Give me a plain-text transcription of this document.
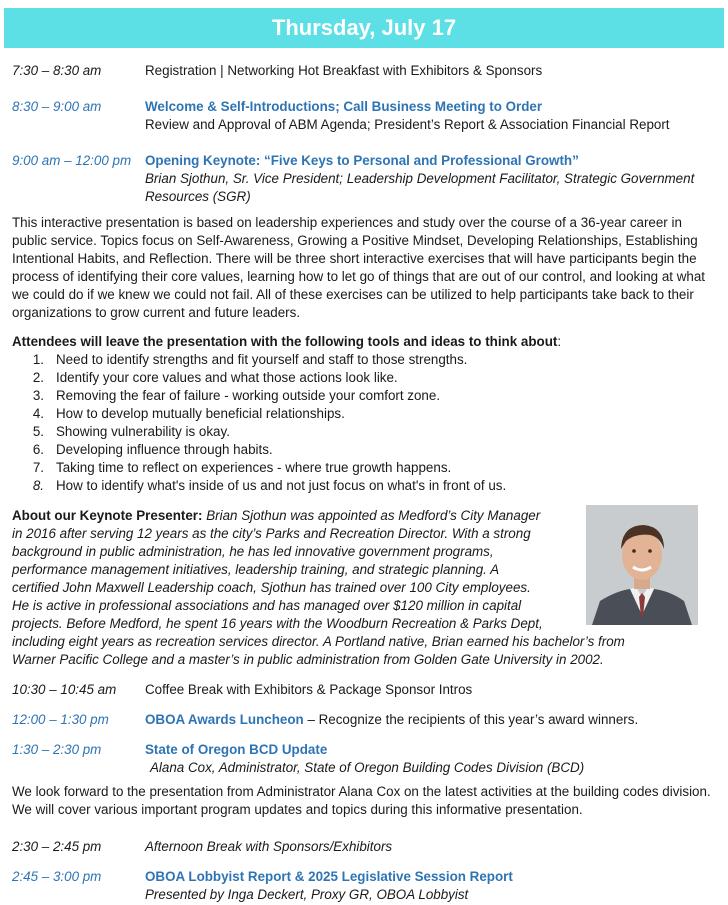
Thursday, July 17
7:30 – 8:30 am	Registration | Networking Hot Breakfast with Exhibitors & Sponsors
8:30 – 9:00 am	Welcome & Self-Introductions; Call Business Meeting to Order
Review and Approval of ABM Agenda; President’s Report & Association Financial Report
9:00 am – 12:00 pm	Opening Keynote: “Five Keys to Personal and Professional Growth”
Brian Sjothun, Sr. Vice President; Leadership Development Facilitator, Strategic Government
Resources (SGR)
This interactive presentation is based on leadership experiences and study over the course of a 36-year career in public service. Topics focus on Self-Awareness, Growing a Positive Mindset, Developing Relationships, Establishing Intentional Habits, and Reflection. There will be three short interactive exercises that will have participants begin the process of identifying their core values, learning how to let go of things that are out of our control, and looking at what we could do if we knew we could not fail. All of these exercises can be utilized to help participants take back to their organizations to grow current and future leaders.
Attendees will leave the presentation with the following tools and ideas to think about:
1. Need to identify strengths and fit yourself and staff to those strengths.
2. Identify your core values and what those actions look like.
3. Removing the fear of failure - working outside your comfort zone.
4. How to develop mutually beneficial relationships.
5. Showing vulnerability is okay.
6. Developing influence through habits.
7. Taking time to reflect on experiences - where true growth happens.
8. How to identify what's inside of us and not just focus on what's in front of us.
About our Keynote Presenter: Brian Sjothun was appointed as Medford’s City Manager
in 2016 after serving 12 years as the city’s Parks and Recreation Director. With a strong
background in public administration, he has led innovative government programs,
performance management initiatives, leadership training, and strategic planning. A
certified John Maxwell Leadership coach, Sjothun has trained over 100 City employees.
He is active in professional associations and has managed over $120 million in capital
projects. Before Medford, he spent 16 years with the Woodburn Recreation & Parks Dept,
including eight years as recreation services director. A Portland native, Brian earned his bachelor’s from
Warner Pacific College and a master’s in public administration from Golden Gate University in 2002.
10:30 – 10:45 am	Coffee Break with Exhibitors & Package Sponsor Intros
12:00 – 1:30 pm	OBOA Awards Luncheon – Recognize the recipients of this year’s award winners.
1:30 – 2:30 pm	State of Oregon BCD Update
Alana Cox, Administrator, State of Oregon Building Codes Division (BCD)
We look forward to the presentation from Administrator Alana Cox on the latest activities at the building codes division. We will cover various important program updates and topics during this informative presentation.
2:30 – 2:45 pm	Afternoon Break with Sponsors/Exhibitors
2:45 – 3:00 pm	OBOA Lobbyist Report & 2025 Legislative Session Report
Presented by Inga Deckert, Proxy GR, OBOA Lobbyist
